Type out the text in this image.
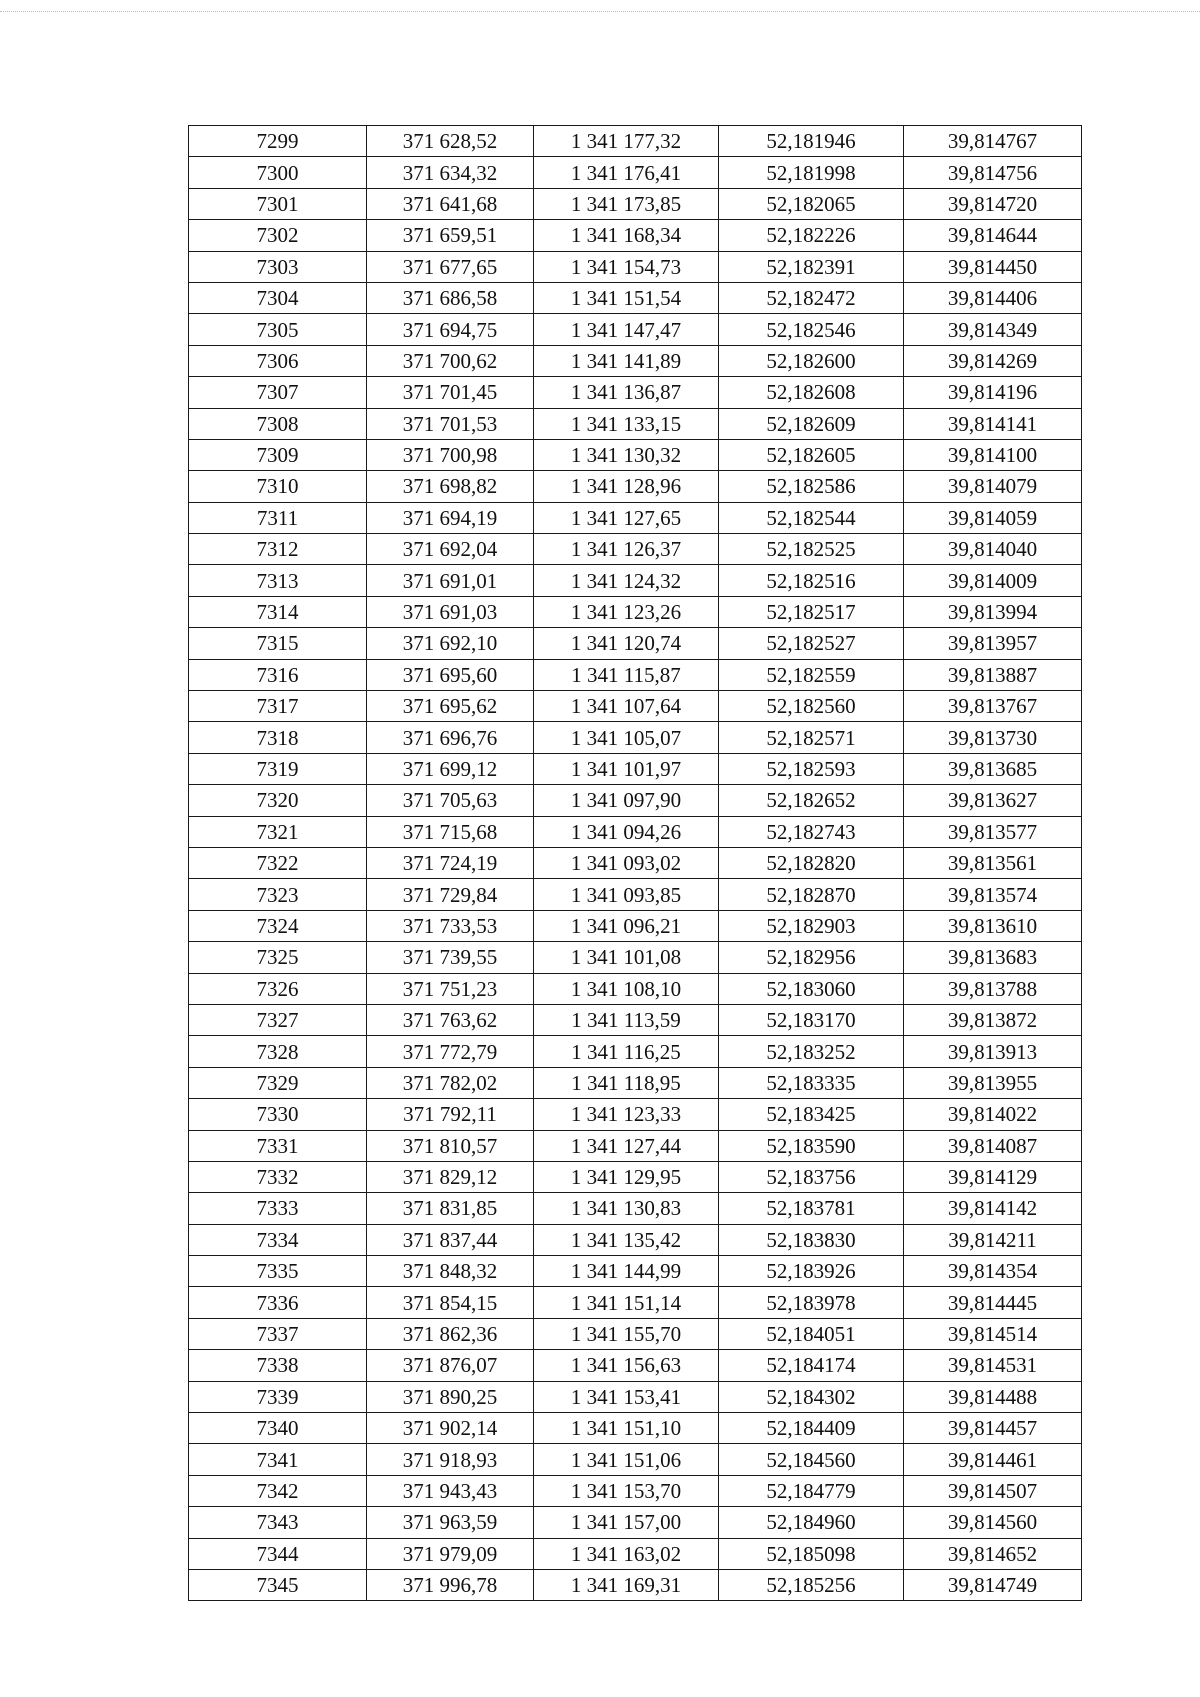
7299	371 628,52	1 341 177,32	52,181946	39,814767
7300	371 634,32	1 341 176,41	52,181998	39,814756
7301	371 641,68	1 341 173,85	52,182065	39,814720
7302	371 659,51	1 341 168,34	52,182226	39,814644
7303	371 677,65	1 341 154,73	52,182391	39,814450
7304	371 686,58	1 341 151,54	52,182472	39,814406
7305	371 694,75	1 341 147,47	52,182546	39,814349
7306	371 700,62	1 341 141,89	52,182600	39,814269
7307	371 701,45	1 341 136,87	52,182608	39,814196
7308	371 701,53	1 341 133,15	52,182609	39,814141
7309	371 700,98	1 341 130,32	52,182605	39,814100
7310	371 698,82	1 341 128,96	52,182586	39,814079
7311	371 694,19	1 341 127,65	52,182544	39,814059
7312	371 692,04	1 341 126,37	52,182525	39,814040
7313	371 691,01	1 341 124,32	52,182516	39,814009
7314	371 691,03	1 341 123,26	52,182517	39,813994
7315	371 692,10	1 341 120,74	52,182527	39,813957
7316	371 695,60	1 341 115,87	52,182559	39,813887
7317	371 695,62	1 341 107,64	52,182560	39,813767
7318	371 696,76	1 341 105,07	52,182571	39,813730
7319	371 699,12	1 341 101,97	52,182593	39,813685
7320	371 705,63	1 341 097,90	52,182652	39,813627
7321	371 715,68	1 341 094,26	52,182743	39,813577
7322	371 724,19	1 341 093,02	52,182820	39,813561
7323	371 729,84	1 341 093,85	52,182870	39,813574
7324	371 733,53	1 341 096,21	52,182903	39,813610
7325	371 739,55	1 341 101,08	52,182956	39,813683
7326	371 751,23	1 341 108,10	52,183060	39,813788
7327	371 763,62	1 341 113,59	52,183170	39,813872
7328	371 772,79	1 341 116,25	52,183252	39,813913
7329	371 782,02	1 341 118,95	52,183335	39,813955
7330	371 792,11	1 341 123,33	52,183425	39,814022
7331	371 810,57	1 341 127,44	52,183590	39,814087
7332	371 829,12	1 341 129,95	52,183756	39,814129
7333	371 831,85	1 341 130,83	52,183781	39,814142
7334	371 837,44	1 341 135,42	52,183830	39,814211
7335	371 848,32	1 341 144,99	52,183926	39,814354
7336	371 854,15	1 341 151,14	52,183978	39,814445
7337	371 862,36	1 341 155,70	52,184051	39,814514
7338	371 876,07	1 341 156,63	52,184174	39,814531
7339	371 890,25	1 341 153,41	52,184302	39,814488
7340	371 902,14	1 341 151,10	52,184409	39,814457
7341	371 918,93	1 341 151,06	52,184560	39,814461
7342	371 943,43	1 341 153,70	52,184779	39,814507
7343	371 963,59	1 341 157,00	52,184960	39,814560
7344	371 979,09	1 341 163,02	52,185098	39,814652
7345	371 996,78	1 341 169,31	52,185256	39,814749
